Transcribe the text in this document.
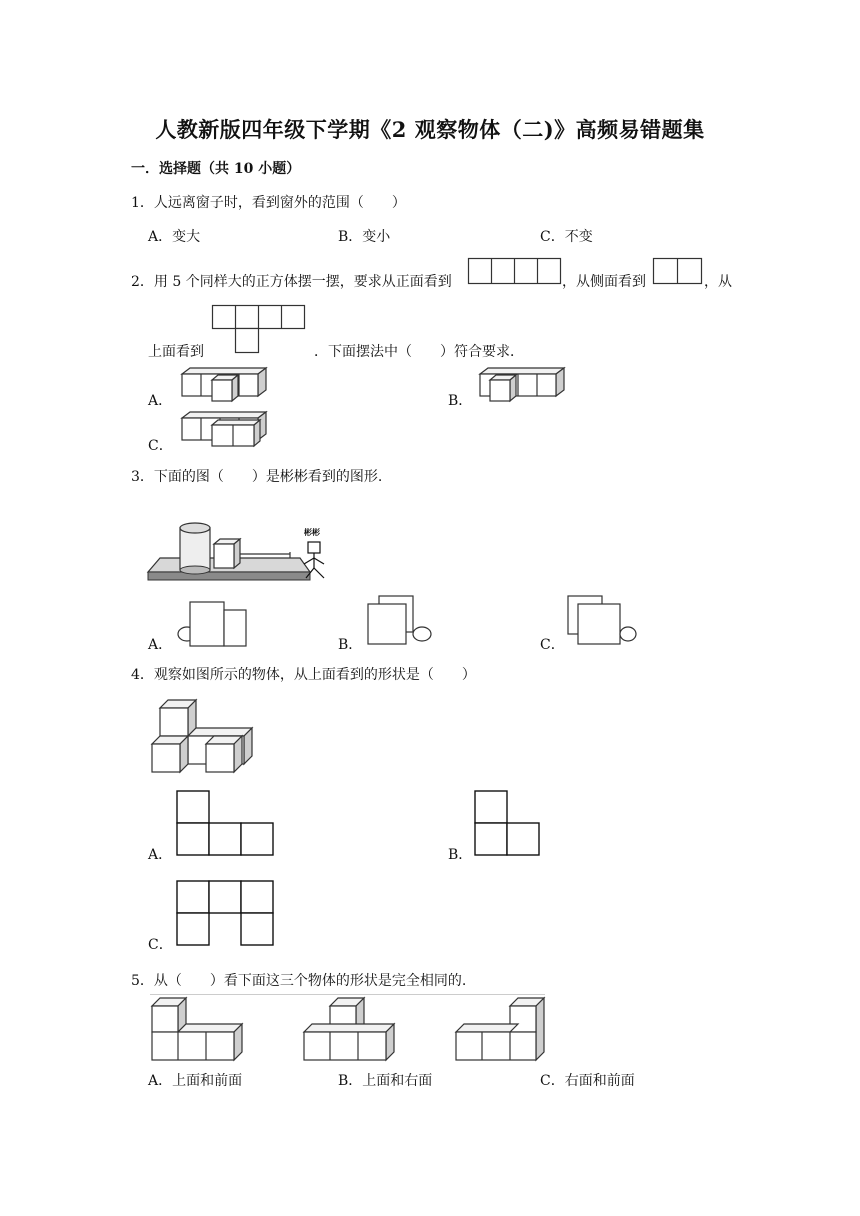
人教新版四年级下学期《2 观察物体（二)》高频易错题集
一．选择题（共 10 小题）
1．人远离窗子时，看到窗外的范围（　　）
A．变大	B．变小	C．不变
2．用 5 个同样大的正方体摆一摆，要求从正面看到	，从侧面看到	，从
上面看到	．下面摆法中（　　）符合要求．
A．	B．
C．
3．下面的图（　　）是彬彬看到的图形.
彬彬
A．	B．	C．
4．观察如图所示的物体，从上面看到的形状是（　　）
A．	B．
C．
5．从（　　）看下面这三个物体的形状是完全相同的.
A．上面和前面	B．上面和右面	C．右面和前面
